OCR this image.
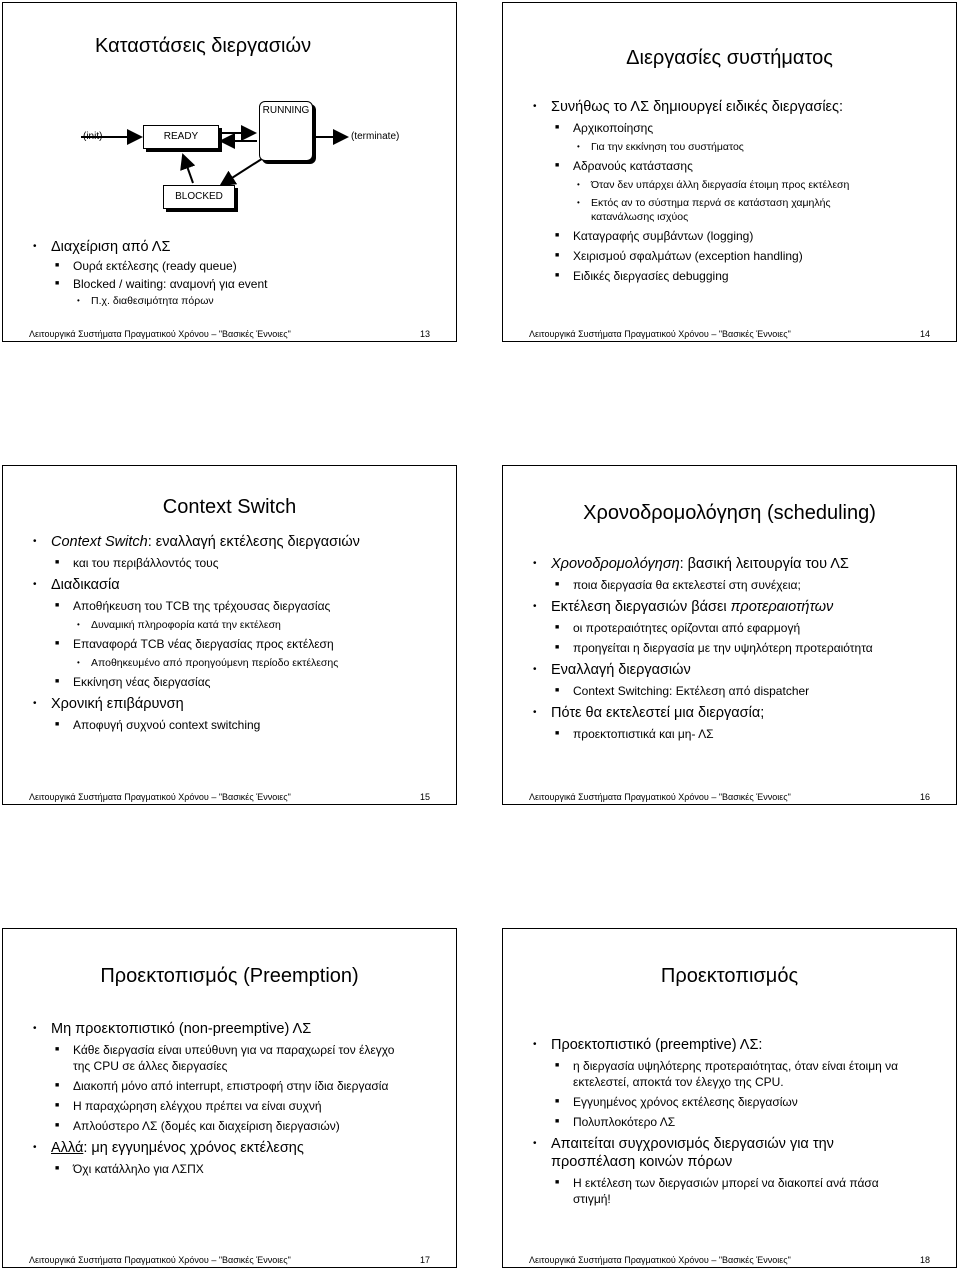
Καταστάσεις διεργασιών
(init)	READY
RUNNING
(terminate)
BLOCKED
• Διαχείριση από ΛΣ
■ Ουρά εκτέλεσης (ready queue)
■ Blocked / waiting: αναμονή για event
• Π.χ. διαθεσιμότητα πόρων
Λειτουργικά Συστήματα Πραγματικού Χρόνου – "Βασικές Έννοιες"	13
Διεργασίες συστήματος
• Συνήθως το ΛΣ δημιουργεί ειδικές διεργασίες:
■ Αρχικοποίησης
• Για την εκκίνηση του συστήματος
■ Αδρανούς κατάστασης
• Όταν δεν υπάρχει άλλη διεργασία έτοιμη προς εκτέλεση
• Εκτός αν το σύστημα περνά σε κατάσταση χαμηλής κατανάλωσης ισχύος
■ Καταγραφής συμβάντων (logging)
■ Χειρισμού σφαλμάτων (exception handling)
■ Ειδικές διεργασίες debugging
Λειτουργικά Συστήματα Πραγματικού Χρόνου – "Βασικές Έννοιες"	14
Context Switch
• Context Switch: εναλλαγή εκτέλεσης διεργασιών
■ και του περιβάλλοντός τους
• Διαδικασία
■ Αποθήκευση του TCB της τρέχουσας διεργασίας
• Δυναμική πληροφορία κατά την εκτέλεση
■ Επαναφορά TCB νέας διεργασίας προς εκτέλεση
• Αποθηκευμένο από προηγούμενη περίοδο εκτέλεσης
■ Εκκίνηση νέας διεργασίας
• Χρονική επιβάρυνση
■ Αποφυγή συχνού context switching
Λειτουργικά Συστήματα Πραγματικού Χρόνου – "Βασικές Έννοιες"	15
Χρονοδρομολόγηση (scheduling)
• Χρονοδρομολόγηση: βασική λειτουργία του ΛΣ
■ ποια διεργασία θα εκτελεστεί στη συνέχεια;
• Εκτέλεση διεργασιών βάσει προτεραιοτήτων
■ οι προτεραιότητες ορίζονται από εφαρμογή
■ προηγείται η διεργασία με την υψηλότερη προτεραιότητα
• Εναλλαγή διεργασιών
■ Context Switching: Εκτέλεση από dispatcher
• Πότε θα εκτελεστεί μια διεργασία;
■ προεκτοπιστικά και μη- ΛΣ
Λειτουργικά Συστήματα Πραγματικού Χρόνου – "Βασικές Έννοιες"	16
Προεκτοπισμός (Preemption)
• Μη προεκτοπιστικό (non-preemptive) ΛΣ
■ Κάθε διεργασία είναι υπεύθυνη για να παραχωρεί τον έλεγχο της CPU σε άλλες διεργασίες
■ Διακοπή μόνο από interrupt, επιστροφή στην ίδια διεργασία
■ Η παραχώρηση ελέγχου πρέπει να είναι συχνή
■ Απλούστερο ΛΣ (δομές και διαχείριση διεργασιών)
• Αλλά: μη εγγυημένος χρόνος εκτέλεσης
■ Όχι κατάλληλο για ΛΣΠΧ
Λειτουργικά Συστήματα Πραγματικού Χρόνου – "Βασικές Έννοιες"	17
Προεκτοπισμός
• Προεκτοπιστικό (preemptive) ΛΣ:
■ η διεργασία υψηλότερης προτεραιότητας, όταν είναι έτοιμη να εκτελεστεί, αποκτά τον έλεγχο της CPU.
■ Εγγυημένος χρόνος εκτέλεσης διεργασίων
■ Πολυπλοκότερο ΛΣ
• Απαιτείται συγχρονισμός διεργασιών για την προσπέλαση κοινών πόρων
■ Η εκτέλεση των διεργασιών μπορεί να διακοπεί ανά πάσα στιγμή!
Λειτουργικά Συστήματα Πραγματικού Χρόνου – "Βασικές Έννοιες"	18
